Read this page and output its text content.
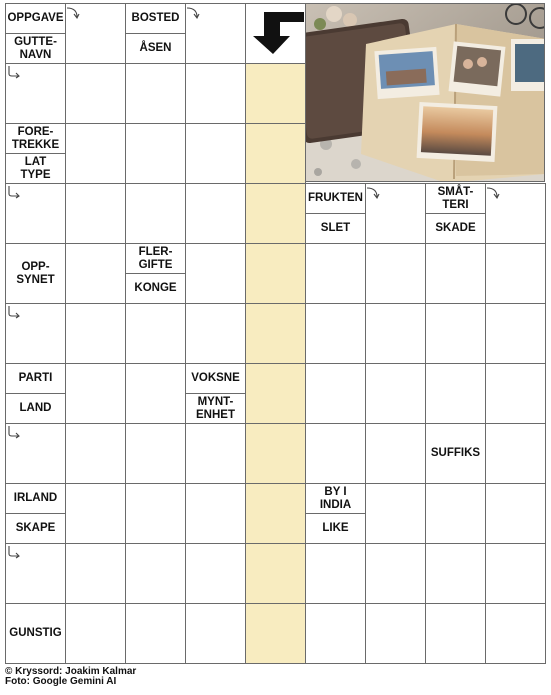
OPPGAVE
GUTTE-
NAVN
BOSTED
ÅSEN
FORE-
TREKKE
LAT
TYPE
FRUKTEN
SLET
SMÅT-
TERI
SKADE
OPP-
SYNET
FLER-
GIFTE
KONGE
PARTI
LAND
VOKSNE
MYNT-
ENHET
SUFFIKS
IRLAND
SKAPE
BY I
INDIA
LIKE
GUNSTIG
© Kryssord: Joakim Kalmar
Foto: Google Gemini AI
